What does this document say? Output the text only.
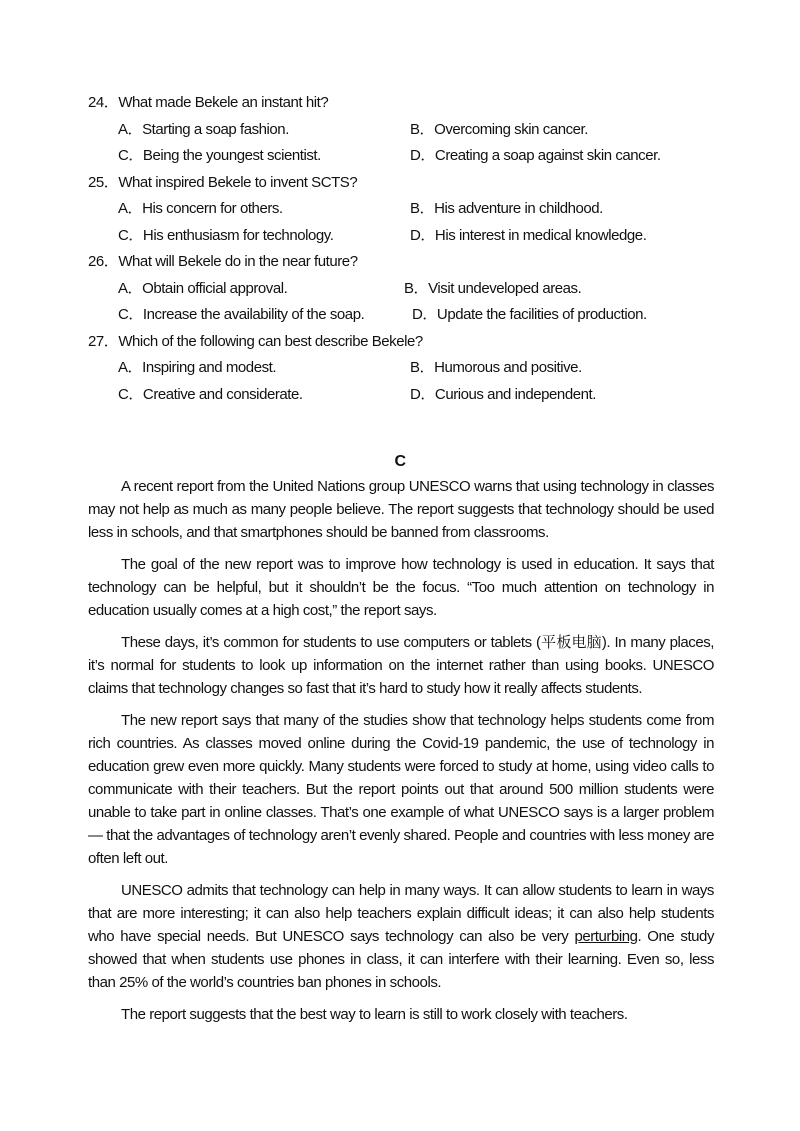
24．What made Bekele an instant hit?
A．Starting a soap fashion.	B．Overcoming skin cancer.
C．Being the youngest scientist.	D．Creating a soap against skin cancer.
25．What inspired Bekele to invent SCTS?
A．His concern for others.	B．His adventure in childhood.
C．His enthusiasm for technology.	D．His interest in medical knowledge.
26．What will Bekele do in the near future?
A．Obtain official approval.	B．Visit undeveloped areas.
C．Increase the availability of the soap.	D．Update the facilities of production.
27．Which of the following can best describe Bekele?
A．Inspiring and modest.	B．Humorous and positive.
C．Creative and considerate.	D．Curious and independent.
C

A recent report from the United Nations group UNESCO warns that using technology in classes may not help as much as many people believe. The report suggests that technology should be used less in schools, and that smartphones should be banned from classrooms.

The goal of the new report was to improve how technology is used in education. It says that technology can be helpful, but it shouldn’t be the focus. “Too much attention on technology in education usually comes at a high cost,” the report says.

These days, it’s common for students to use computers or tablets (平板电脑). In many places, it’s normal for students to look up information on the internet rather than using books. UNESCO claims that technology changes so fast that it’s hard to study how it really affects students.

The new report says that many of the studies show that technology helps students come from rich countries. As classes moved online during the Covid-19 pandemic, the use of technology in education grew even more quickly. Many students were forced to study at home, using video calls to communicate with their teachers. But the report points out that around 500 million students were unable to take part in online classes. That’s one example of what UNESCO says is a larger problem — that the advantages of technology aren’t evenly shared. People and countries with less money are often left out.

UNESCO admits that technology can help in many ways. It can allow students to learn in ways that are more interesting; it can also help teachers explain difficult ideas; it can also help students who have special needs. But UNESCO says technology can also be very perturbing. One study showed that when students use phones in class, it can interfere with their learning. Even so, less than 25% of the world’s countries ban phones in schools.

The report suggests that the best way to learn is still to work closely with teachers.
